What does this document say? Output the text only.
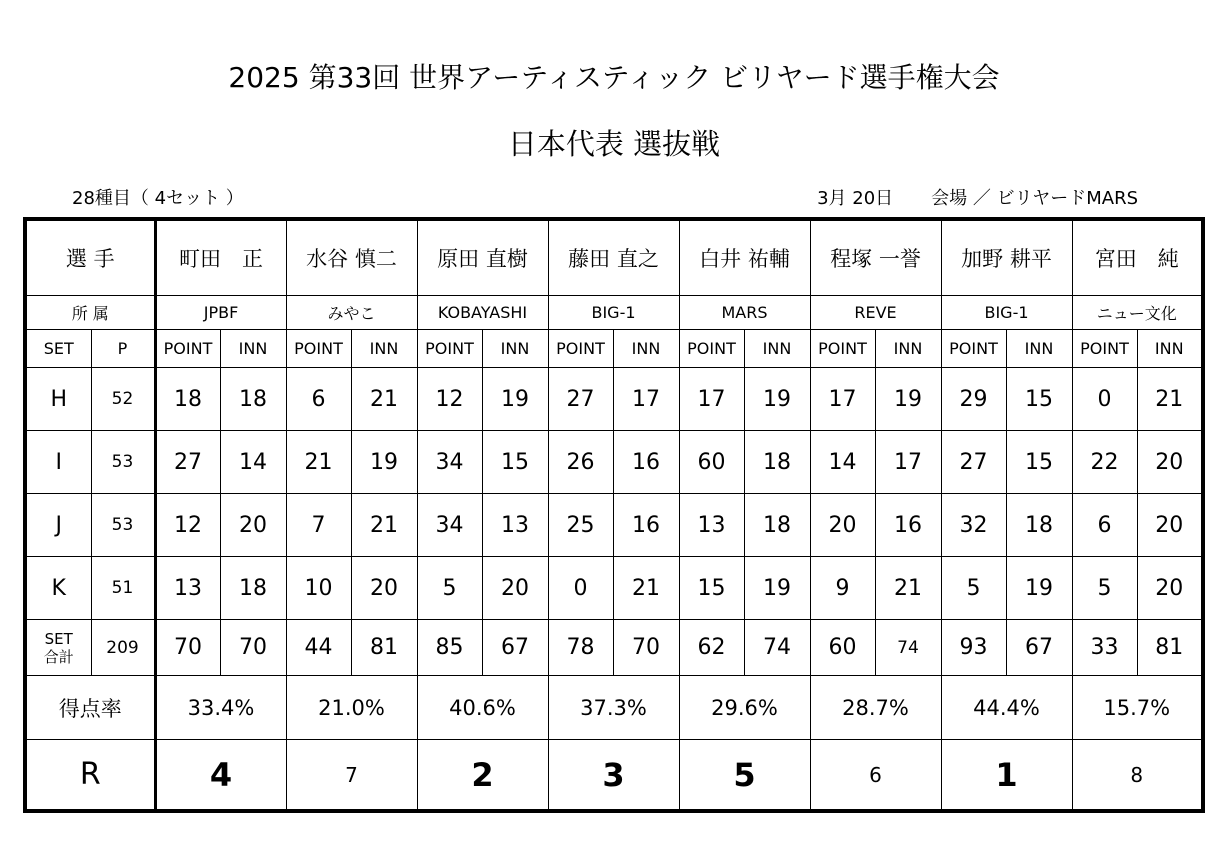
2025 第33回 世界アーティスティック ビリヤード選手権大会
日本代表 選抜戦
28種目（ 4セット ）	3月 20日 会場 ／ ビリヤードMARS
選 手		町田　正		水谷 慎二		原田 直樹		藤田 直之		白井 祐輔		程塚 一誉		加野 耕平		宮田　純	
所 属		JPBF		みやこ		KOBAYASHI		BIG-1		MARS		REVE		BIG-1		ニュー文化	
SET	P	POINT	INN	POINT	INN	POINT	INN	POINT	INN	POINT	INN	POINT	INN	POINT	INN	POINT	INN
H	52	18	18	6	21	12	19	27	17	17	19	17	19	29	15	0	21
I	53	27	14	21	19	34	15	26	16	60	18	14	17	27	15	22	20
J	53	12	20	7	21	34	13	25	16	13	18	20	16	32	18	6	20
K	51	13	18	10	20	5	20	0	21	15	19	9	21	5	19	5	20

SET
合計	209	70	70	44	81	85	67	78	70	62	74	60	74	93	67	33	81
得点率		33.4%		21.0%		40.6%		37.3%		29.6%		28.7%		44.4%		15.7%	
R		4		7		2		3		5		6		1		8	
